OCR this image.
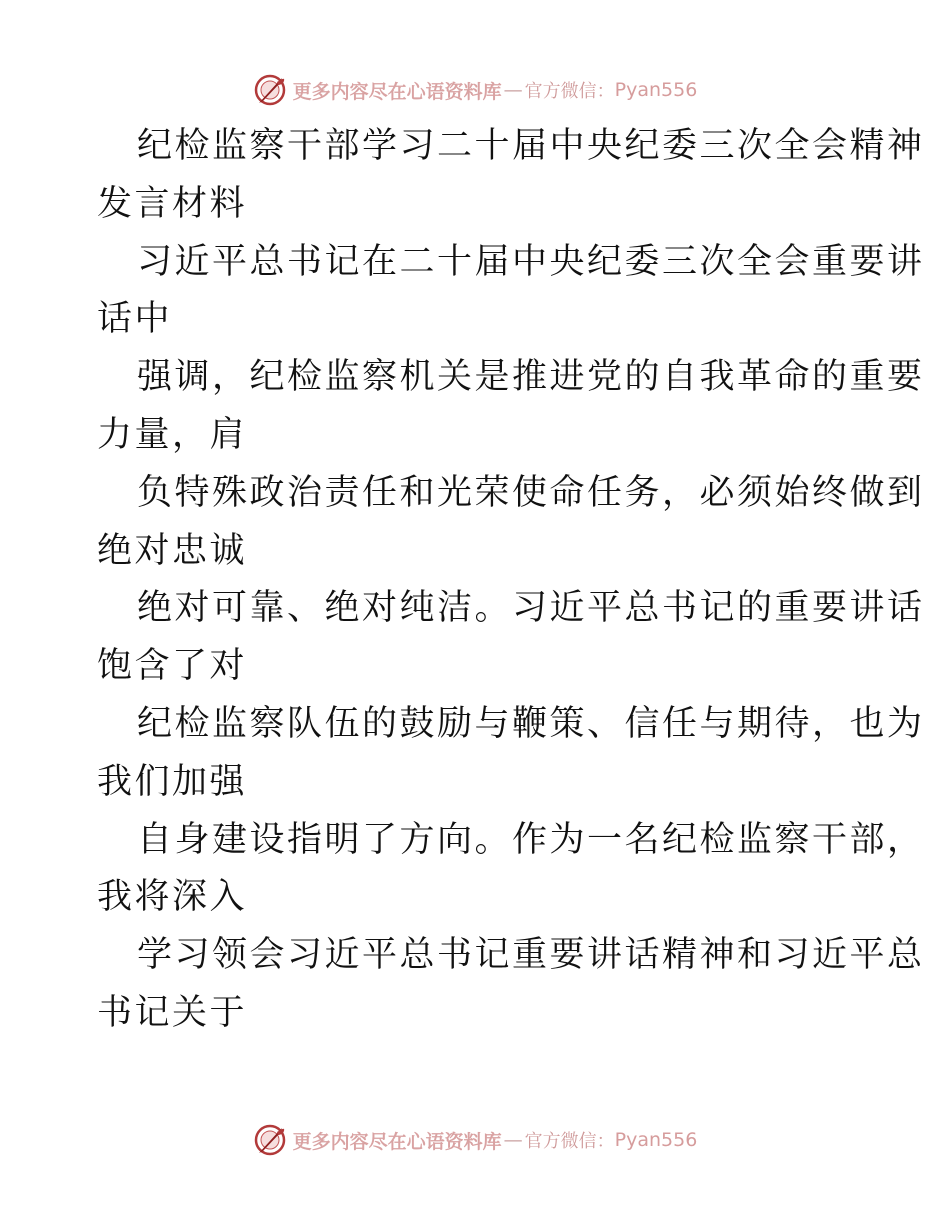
更多内容尽在心语资料库 — 官方微信： Pyan556
纪检监察干部学习二十届中央纪委三次全会精神
发言材料
习近平总书记在二十届中央纪委三次全会重要讲
话中
强调，纪检监察机关是推进党的自我革命的重要
力量，肩
负特殊政治责任和光荣使命任务，必须始终做到
绝对忠诚
绝对可靠、绝对纯洁。习近平总书记的重要讲话
饱含了对
纪检监察队伍的鼓励与鞭策、信任与期待，也为
我们加强
自身建设指明了方向。作为一名纪检监察干部，
我将深入
学习领会习近平总书记重要讲话精神和习近平总
书记关于
更多内容尽在心语资料库 — 官方微信： Pyan556
